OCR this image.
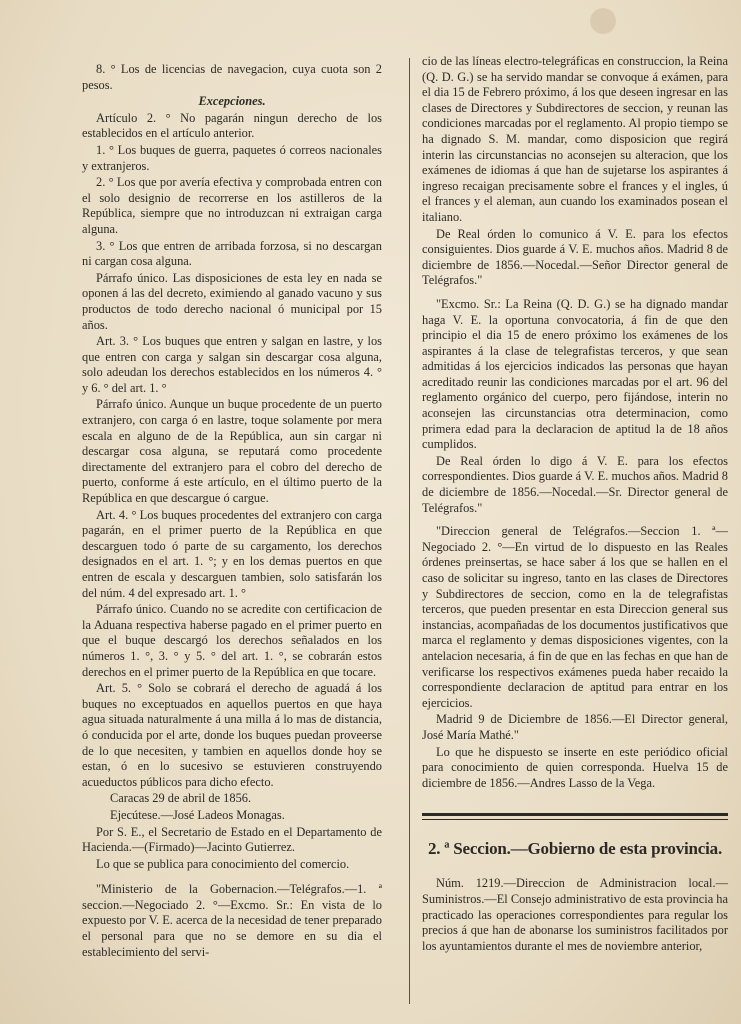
8. ° Los de licencias de navegacion, cuya cuota son 2 pesos.

Excepciones.

Artículo 2. ° No pagarán ningun derecho de los establecidos en el artículo anterior.

1. ° Los buques de guerra, paquetes ó correos nacionales y extranjeros.

2. ° Los que por avería efectiva y comprobada entren con el solo designio de recorrerse en los astilleros de la República, siempre que no introduzcan ni extraigan carga alguna.

3. ° Los que entren de arribada forzosa, si no descargan ni cargan cosa alguna.

Párrafo único. Las disposiciones de esta ley en nada se oponen á las del decreto, eximiendo al ganado vacuno y sus productos de todo derecho nacional ó municipal por 15 años.

Art. 3. ° Los buques que entren y salgan en lastre, y los que entren con carga y salgan sin descargar cosa alguna, solo adeudan los derechos establecidos en los números 4. ° y 6. ° del art. 1. °

Párrafo único. Aunque un buque procedente de un puerto extranjero, con carga ó en lastre, toque solamente por mera escala en alguno de de la República, aun sin cargar ni descargar cosa alguna, se reputará como procedente directamente del extranjero para el cobro del derecho de puerto, conforme á este artículo, en el último puerto de la República en que descargue ó cargue.

Art. 4. ° Los buques procedentes del extranjero con carga pagarán, en el primer puerto de la República en que descarguen todo ó parte de su cargamento, los derechos designados en el art. 1. °; y en los demas puertos en que entren de escala y descarguen tambien, solo satisfarán los del núm. 4 del expresado art. 1. °

Párrafo único. Cuando no se acredite con certificacion de la Aduana respectiva haberse pagado en el primer puerto en que el buque descargó los derechos señalados en los números 1. °, 3. ° y 5. ° del art. 1. °, se cobrarán estos derechos en el primer puerto de la República en que tocare.

Art. 5. ° Solo se cobrará el derecho de aguadá á los buques no exceptuados en aquellos puertos en que haya agua situada naturalmente á una milla á lo mas de distancia, ó conducida por el arte, donde los buques puedan proveerse de lo que necesiten, y tambien en aquellos donde hoy se estan, ó en lo sucesivo se estuvieren construyendo acueductos públicos para dicho efecto.

Caracas 29 de abril de 1856.

Ejecútese.—José Ladeos Monagas.

Por S. E., el Secretario de Estado en el Departamento de Hacienda.—(Firmado)—Jacinto Gutierrez.

Lo que se publica para conocimiento del comercio.

"Ministerio de la Gobernacion.—Telégrafos.—1. ª seccion.—Negociado 2. °—Excmo. Sr.: En vista de lo expuesto por V. E. acerca de la necesidad de tener preparado el personal para que no se demore en su dia el establecimiento del servi-

cio de las líneas electro-telegráficas en construccion, la Reina (Q. D. G.) se ha servido mandar se convoque á exámen, para el dia 15 de Febrero próximo, á los que deseen ingresar en las clases de Directores y Subdirectores de seccion, y reunan las condiciones marcadas por el reglamento. Al propio tiempo se ha dignado S. M. mandar, como disposicion que regirá interin las circunstancias no aconsejen su alteracion, que los exámenes de idiomas á que han de sujetarse los aspirantes á ingreso recaigan precisamente sobre el frances y el ingles, ú el frances y el aleman, aun cuando los examinados posean el italiano.

De Real órden lo comunico á V. E. para los efectos consiguientes. Dios guarde á V. E. muchos años. Madrid 8 de diciembre de 1856.—Nocedal.—Señor Director general de Telégrafos."

"Excmo. Sr.: La Reina (Q. D. G.) se ha dignado mandar haga V. E. la oportuna convocatoria, á fin de que den principio el dia 15 de enero próximo los exámenes de los aspirantes á la clase de telegrafistas terceros, y que sean admitidas á los ejercicios indicados las personas que hayan acreditado reunir las condiciones marcadas por el art. 96 del reglamento orgánico del cuerpo, pero fijándose, interin no aconsejen las circunstancias otra determinacion, como primera edad para la declaracion de aptitud la de 18 años cumplidos.

De Real órden lo digo á V. E. para los efectos correspondientes. Dios guarde á V. E. muchos años. Madrid 8 de diciembre de 1856.—Nocedal.—Sr. Director general de Telégrafos."

"Direccion general de Telégrafos.—Seccion 1. ª—Negociado 2. °—En virtud de lo dispuesto en las Reales órdenes preinsertas, se hace saber á los que se hallen en el caso de solicitar su ingreso, tanto en las clases de Directores y Subdirectores de seccion, como en la de telegrafistas terceros, que pueden presentar en esta Direccion general sus instancias, acompañadas de los documentos justificativos que marca el reglamento y demas disposiciones vigentes, con la antelacion necesaria, á fin de que en las fechas en que han de verificarse los respectivos exámenes pueda haber recaido la correspondiente declaracion de aptitud para entrar en los ejercicios.

Madrid 9 de Diciembre de 1856.—El Director general, José María Mathé."

Lo que he dispuesto se inserte en este periódico oficial para conocimiento de quien corresponda. Huelva 15 de diciembre de 1856.—Andres Lasso de la Vega.

2. ª Seccion.—Gobierno de esta provincia.

Núm. 1219.—Direccion de Administracion local.—Suministros.—El Consejo administrativo de esta provincia ha practicado las operaciones correspondientes para regular los precios á que han de abonarse los suministros facilitados por los ayuntamientos durante el mes de noviembre anterior,
